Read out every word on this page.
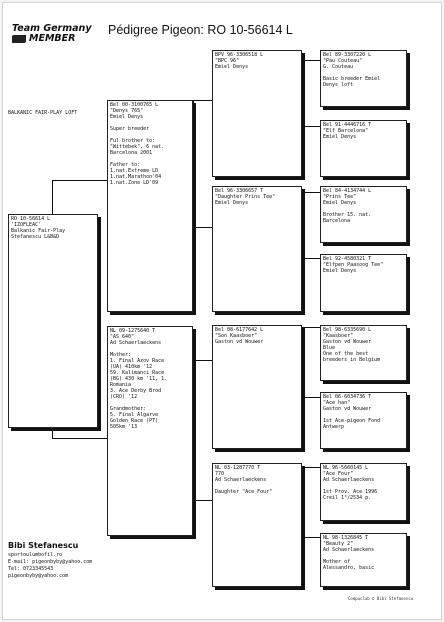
Team Germany
MEMBER
Pédigree Pigeon: RO 10-56614 L
BALKANIC FAIR-PLAY LOFT
RO 10-56614 L
'IZOFLEAC'
Balkanic Fair-Play
Stefanescu L&B&D
Bel 00-3100765 L
"Denys 765"
Emiel Denys
Super breeder
Ful brother to:
"Wittebek", 6 nat.
Barcelona 2001
Father to:
1.nat.Extreme LD
1.nat.Marathon'04
1.nat.Zone LD'09
NL 09-1275640 T
"AS 640"
Ad Schaerlaeckens
Mother:
1. Final Azov Race
(UA) 410km '12
59. Kalimanci Race
(BG) 430 km '11, 1.
Romania
3. Ace Derby Brod
(CRO) '12
Grandmother:
5. Final Algarve
Golden Race (PT)
505km '13
BPV 96-3306518 L
"BPC 96"
Emiel Denys
Bel 96-3306657 T
"Daughter Prins Tee"
Emiel Denys
Bel 08-6177642 L
"Son Kaasboer"
Gaston vd Wouwer
NL 03-1287770 T
770
Ad Schaerlaeckens
Daughter "Ace Four"
Bel 89-3307220 L
"Pau Couteau"
G. Couteau
Basic breeder Emiel
Denys loft
Bel 91-4446716 T
"Elf Barcelona"
Emiel Denys
Bel 84-4134744 L
"Prins Tee"
Emiel Denys
Brother 15. nat.
Barcelona
Bel 92-4580321 T
"Elfpen Paasoog Tee"
Emiel Denys
Bel 98-6335690 L
"Kaasboer"
Gaston vd Wouwer
Blue
One of the best
breeders in Belgium
Bel 06-6034736 T
"Ace han"
Gaston vd Wouwer
1st Ace-pigeon Fond
Antwerp
NL 96-5660145 L
"Ace Four"
Ad Schaerlaeckens
1st Prov. Ace 1996
Creil 1°/2534 p.
NL 98-1326845 T
"Beauty 2"
Ad Schaerlaeckens
Mother of
Alessandro, basic
Bibi Stefanescu
sportoulumbofil.ro
E-mail: pigeonbyby@yahoo.com
Tel: 0723345543
pigeonbyby@yahoo.com
Compuclub © Bibi Stefanescu
